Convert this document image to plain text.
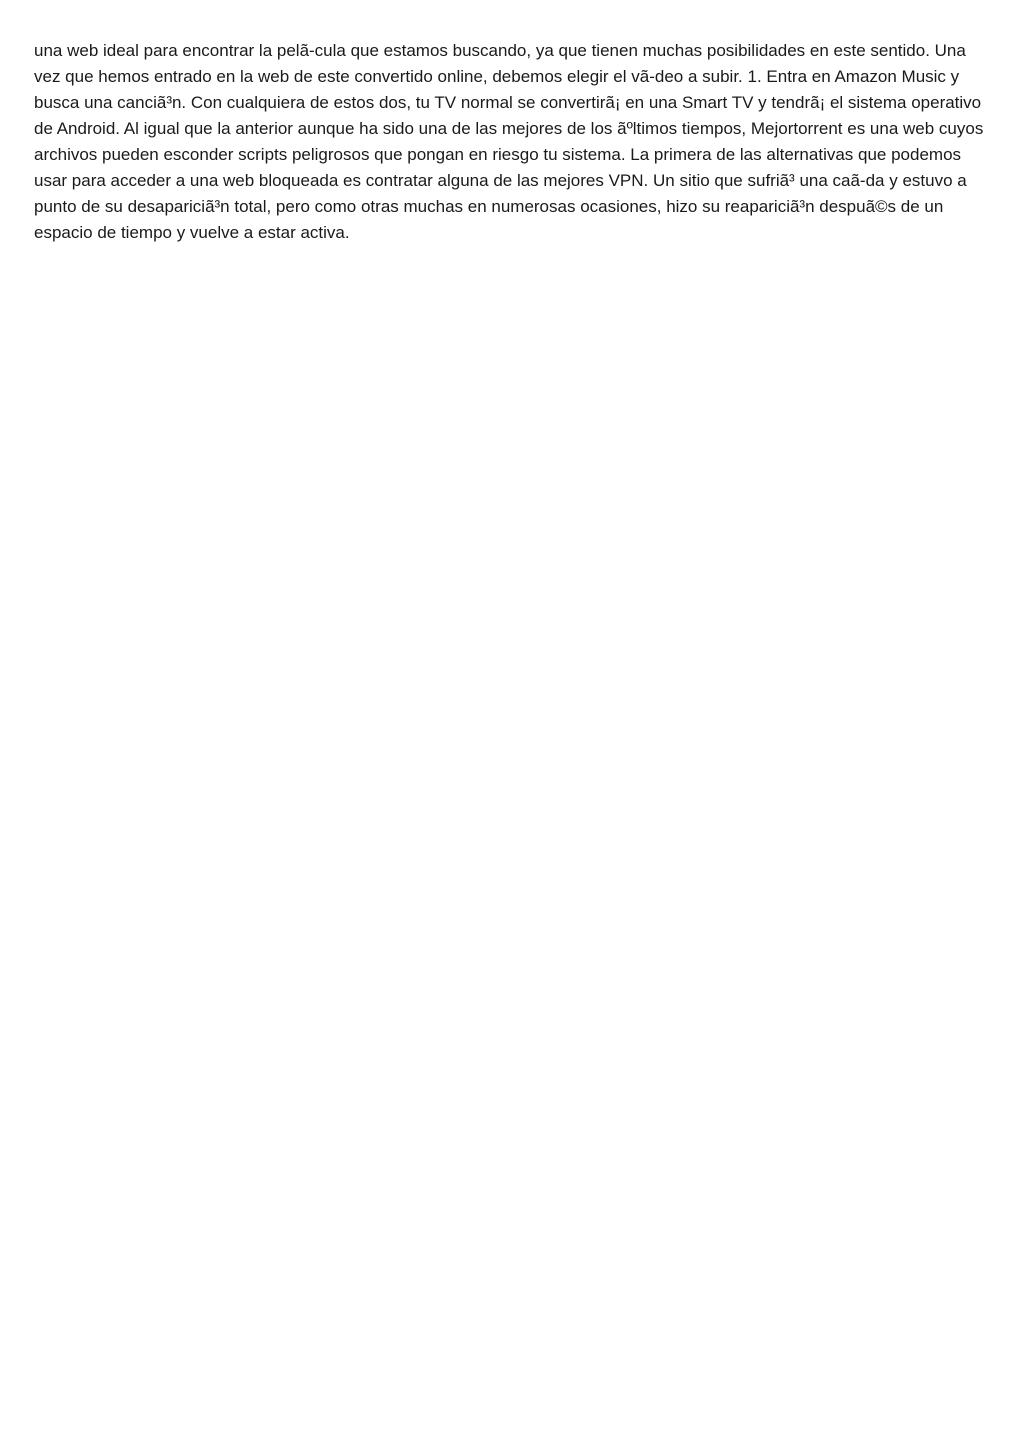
una web ideal para encontrar la pelã-cula que estamos buscando, ya que tienen muchas posibilidades en este sentido. Una vez que hemos entrado en la web de este convertido online, debemos elegir el vã-deo a subir. 1. Entra en Amazon Music y busca una canciã³n. Con cualquiera de estos dos, tu TV normal se convertirã¡ en una Smart TV y tendrã¡ el sistema operativo de Android. Al igual que la anterior aunque ha sido una de las mejores de los ãºltimos tiempos, Mejortorrent es una web cuyos archivos pueden esconder scripts peligrosos que pongan en riesgo tu sistema. La primera de las alternativas que podemos usar para acceder a una web bloqueada es contratar alguna de las mejores VPN. Un sitio que sufriã³ una caã-da y estuvo a punto de su desapariciã³n total, pero como otras muchas en numerosas ocasiones, hizo su reapariciã³n despuã©s de un espacio de tiempo y vuelve a estar activa.
